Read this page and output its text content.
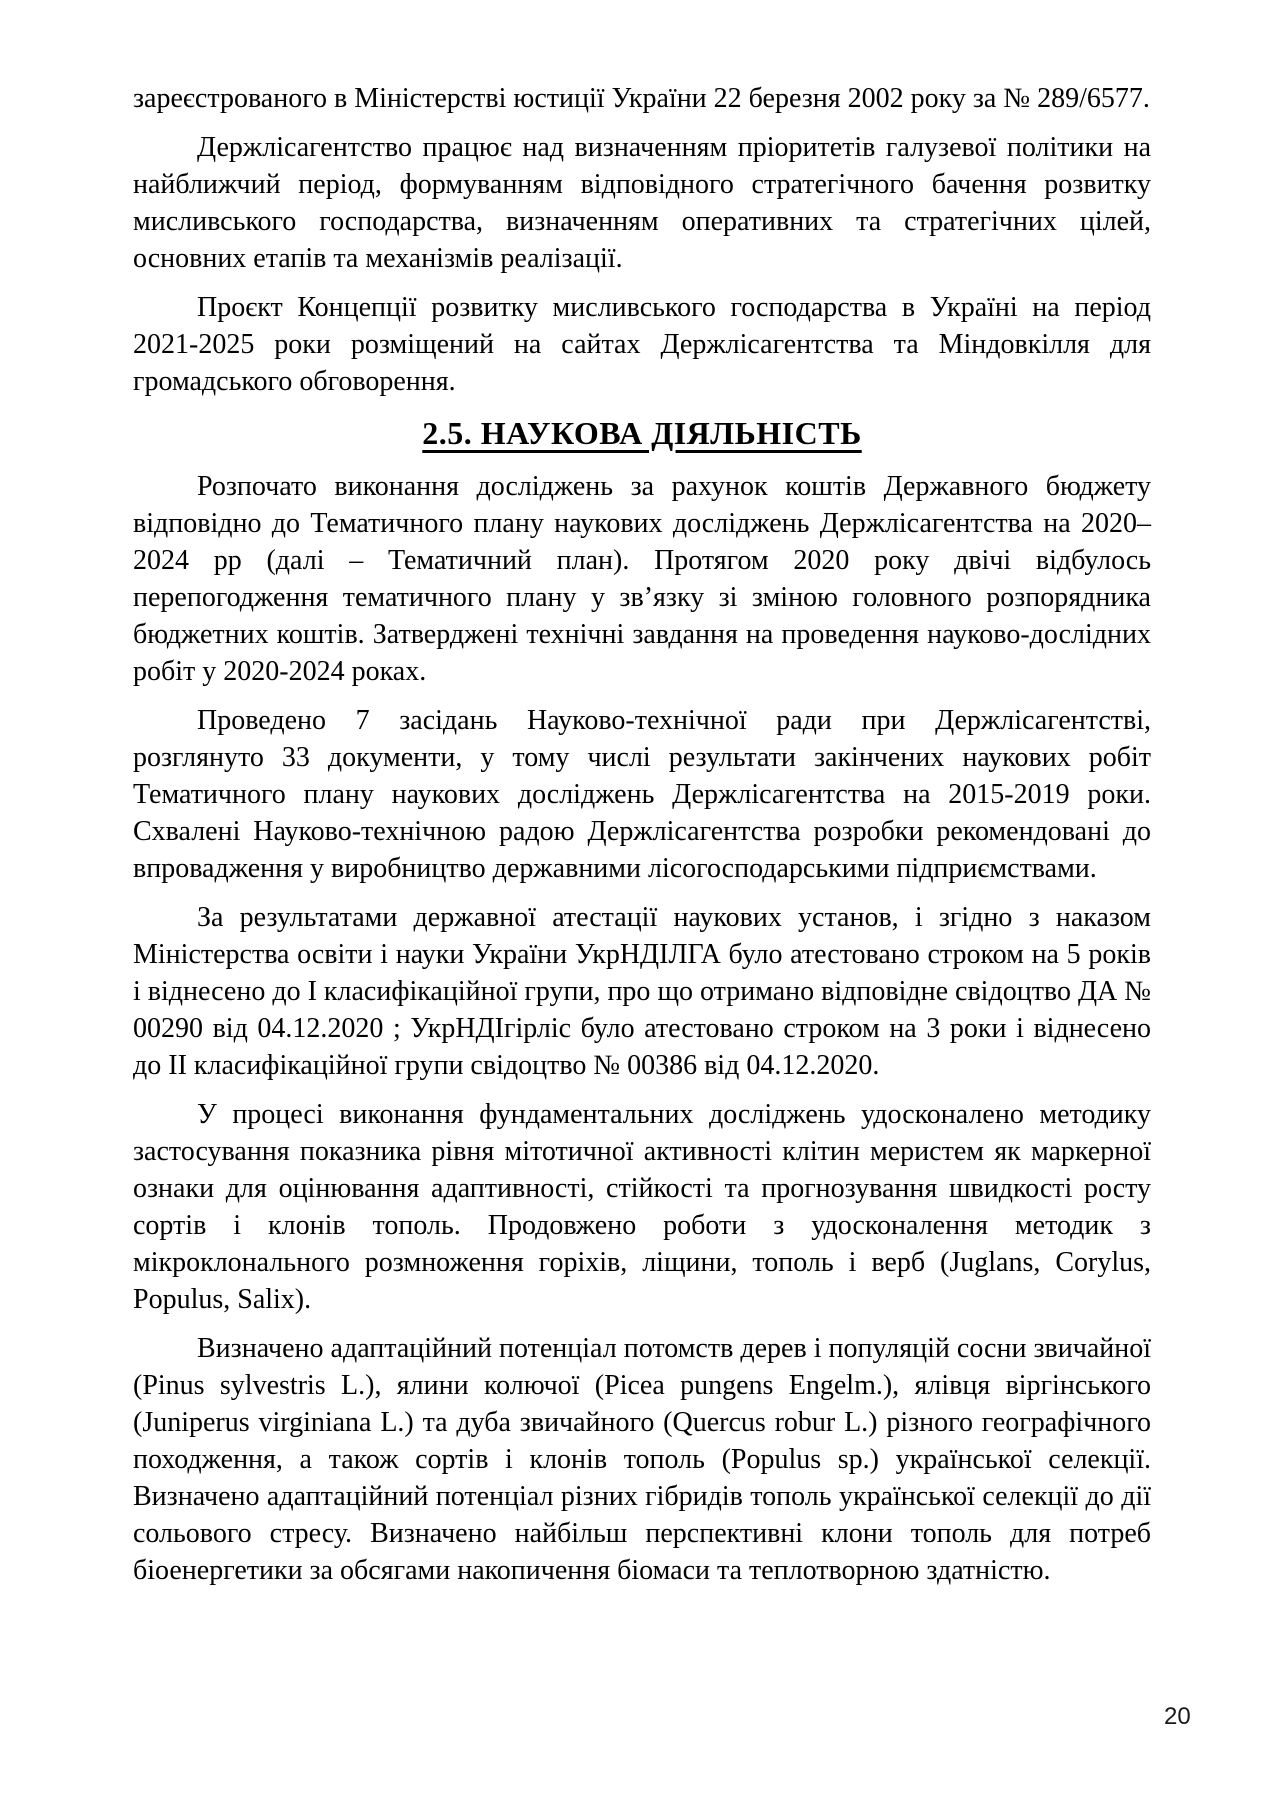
зареєстрованого в Міністерстві юстиції України 22 березня 2002 року за № 289/6577.

Держлісагентство працює над визначенням пріоритетів галузевої політики на найближчий період, формуванням відповідного стратегічного бачення розвитку мисливського господарства, визначенням оперативних та стратегічних цілей, основних етапів та механізмів реалізації.

Проєкт Концепції розвитку мисливського господарства в Україні на період 2021-2025 роки розміщений на сайтах Держлісагентства та Міндовкілля для громадського обговорення.

2.5. НАУКОВА ДІЯЛЬНІСТЬ

Розпочато виконання досліджень за рахунок коштів Державного бюджету відповідно до Тематичного плану наукових досліджень Держлісагентства на 2020–2024 рр (далі – Тематичний план). Протягом 2020 року двічі відбулось перепогодження тематичного плану у зв’язку зі зміною головного розпорядника бюджетних коштів. Затверджені технічні завдання на проведення науково-дослідних робіт у 2020-2024 роках.

Проведено 7 засідань Науково-технічної ради при Держлісагентстві, розглянуто 33 документи, у тому числі результати закінчених наукових робіт Тематичного плану наукових досліджень Держлісагентства на 2015-2019 роки. Схвалені Науково-технічною радою Держлісагентства розробки рекомендовані до впровадження у виробництво державними лісогосподарськими підприємствами.

За результатами державної атестації наукових установ, і згідно з наказом Міністерства освіти і науки України УкрНДІЛГА було атестовано строком на 5 років і віднесено до І класифікаційної групи, про що отримано відповідне свідоцтво ДА № 00290 від 04.12.2020 ; УкрНДІгірліс було атестовано строком на 3 роки і віднесено до ІІ класифікаційної групи свідоцтво № 00386 від 04.12.2020.

У процесі виконання фундаментальних досліджень удосконалено методику застосування показника рівня мітотичної активності клітин меристем як маркерної ознаки для оцінювання адаптивності, стійкості та прогнозування швидкості росту сортів і клонів тополь. Продовжено роботи з удосконалення методик з мікроклонального розмноження горіхів, ліщини, тополь і верб (Juglans, Corylus, Populus, Salix).

Визначено адаптаційний потенціал потомств дерев і популяцій сосни звичайної (Pinus sylvestris L.), ялини колючої (Picea pungens Engelm.), ялівця віргінського (Juniperus virginiana L.) та дуба звичайного (Quercus robur L.) різного географічного походження, а також сортів і клонів тополь (Populus sp.) української селекції. Визначено адаптаційний потенціал різних гібридів тополь української селекції до дії сольового стресу. Визначено найбільш перспективні клони тополь для потреб біоенергетики за обсягами накопичення біомаси та теплотворною здатністю.

20
